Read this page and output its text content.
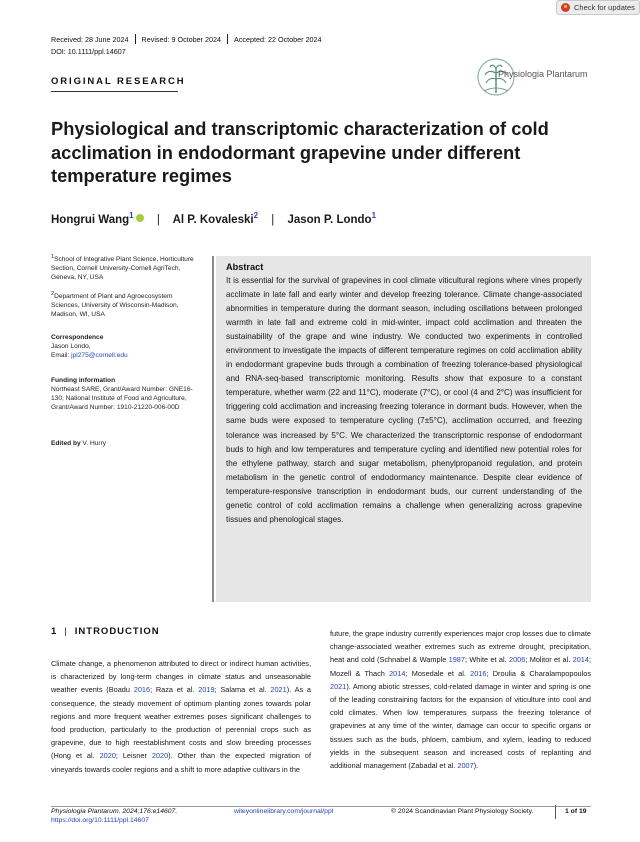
Check for updates
Received: 28 June 2024 Revised: 9 October 2024 Accepted: 22 October 2024
DOI: 10.1111/ppl.14607
ORIGINAL RESEARCH
Physiologia Plantarum
Physiological and transcriptomic characterization of cold acclimation in endodormant grapevine under different temperature regimes
Hongrui Wang$^1$ | Al P. Kovaleski$^2$ | Jason P. Londo$^1$
$^1$School of Integrative Plant Science, Horticulture Section, Cornell University-Cornell AgriTech, Geneva, NY, USA
$^2$Department of Plant and Agroecosystem Sciences, University of Wisconsin-Madison, Madison, WI, USA
Correspondence
Jason Londo,
Email: jpl275@cornell.edu
Funding information
Northeast SARE, Grant/Award Number: GNE16-130; National Institute of Food and Agriculture, Grant/Award Number: 1910-21220-006-00D
Edited by V. Hurry
Abstract
It is essential for the survival of grapevines in cool climate viticultural regions where vines properly acclimate in late fall and early winter and develop freezing tolerance. Climate change-associated abnormities in temperature during the dormant season, including oscillations between prolonged warmth in late fall and extreme cold in mid-winter, impact cold acclimation and threaten the sustainability of the grape and wine industry. We conducted two experiments in controlled environment to investigate the impacts of different temperature regimes on cold acclimation ability in endodormant grapevine buds through a combination of freezing tolerance-based physiological and RNA-seq-based transcriptomic monitoring. Results show that exposure to a constant temperature, whether warm (22 and 11°C), moderate (7°C), or cool (4 and 2°C) was insufficient for triggering cold acclimation and increasing freezing tolerance in dormant buds. However, when the same buds were exposed to temperature cycling (7±5°C), acclimation occurred, and freezing tolerance was increased by 5°C. We characterized the transcriptomic response of endodormant buds to high and low temperatures and temperature cycling and identified new potential roles for the ethylene pathway, starch and sugar metabolism, phenylpropanoid regulation, and protein metabolism in the genetic control of endodormancy maintenance. Despite clear evidence of temperature-responsive transcription in endodormant buds, our current understanding of the genetic control of cold acclimation remains a challenge when generalizing across grapevine tissues and phenological stages.
1 | INTRODUCTION
Climate change, a phenomenon attributed to direct or indirect human activities, is characterized by long-term changes in climate status and unseasonable weather events (Boadu 2016; Raza et al. 2019; Salama et al. 2021). As a consequence, the steady movement of optimum planting zones towards polar regions and more frequent weather extremes poses significant challenges to food production, particularly to the production of perennial crops such as grapevine, due to high reestablishment costs and slow breeding processes (Hong et al. 2020; Leisner 2020). Other than the expected migration of vineyards towards cooler regions and a shift to more adaptive cultivars in the
future, the grape industry currently experiences major crop losses due to climate change-associated weather extremes such as extreme drought, precipitation, heat and cold (Schnabel & Wample 1987; White et al. 2006; Molitor et al. 2014; Mozell & Thach 2014; Mosedale et al. 2016; Droulia & Charalampopoulos 2021). Among abiotic stresses, cold-related damage in winter and spring is one of the leading constraining factors for the expansion of viticulture into cool and cold climates. When low temperatures surpass the freezing tolerance of grapevines at any time of the winter, damage can occur to specific organs or tissues such as the buds, phloem, cambium, and xylem, leading to reduced yields in the subsequent season and increased costs of replanting and additional management (Zabadal et al. 2007).
Physiologia Plantarum. 2024;176:e14607.
https://doi.org/10.1111/ppl.14607
wileyonlinelibrary.com/journal/ppl	© 2024 Scandinavian Plant Physiology Society.	1 of 19
